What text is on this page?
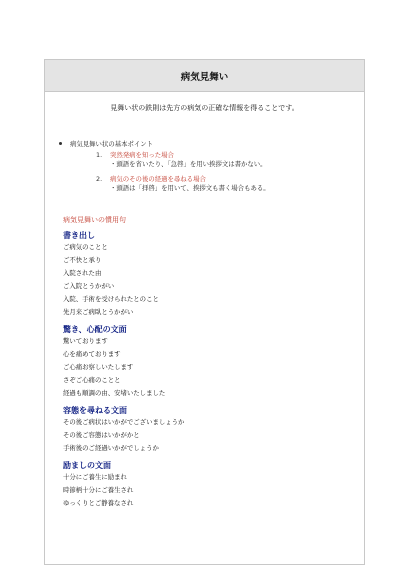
病気見舞い
見舞い状の鉄則は先方の病気の正確な情報を得ることです。
病気見舞い状の基本ポイント
1.	突然発病を知った場合
・頭語を省いたり、「急啓」を用い挨拶文は書かない。
2.	病気のその後の経過を尋ねる場合
・頭語は「拝啓」を用いて、挨拶文も書く場合もある。
病気見舞いの慣用句
書き出し
ご病気のことと
ご不快と承り
入院された由
ご入院とうかがい
入院、手術を受けられたとのこと
先月来ご病臥とうかがい
驚き、心配の文面
驚いております
心を痛めております
ご心痛お察しいたします
さぞご心痛のことと
経過も順調の由、安堵いたしました
容態を尋ねる文面
その後ご病状はいかがでございましょうか
その後ご容態はいかがかと
手術後のご経過いかがでしょうか
励ましの文面
十分にご養生に励まれ
時節柄十分にご養生され
ゆっくりとご静養なされ
